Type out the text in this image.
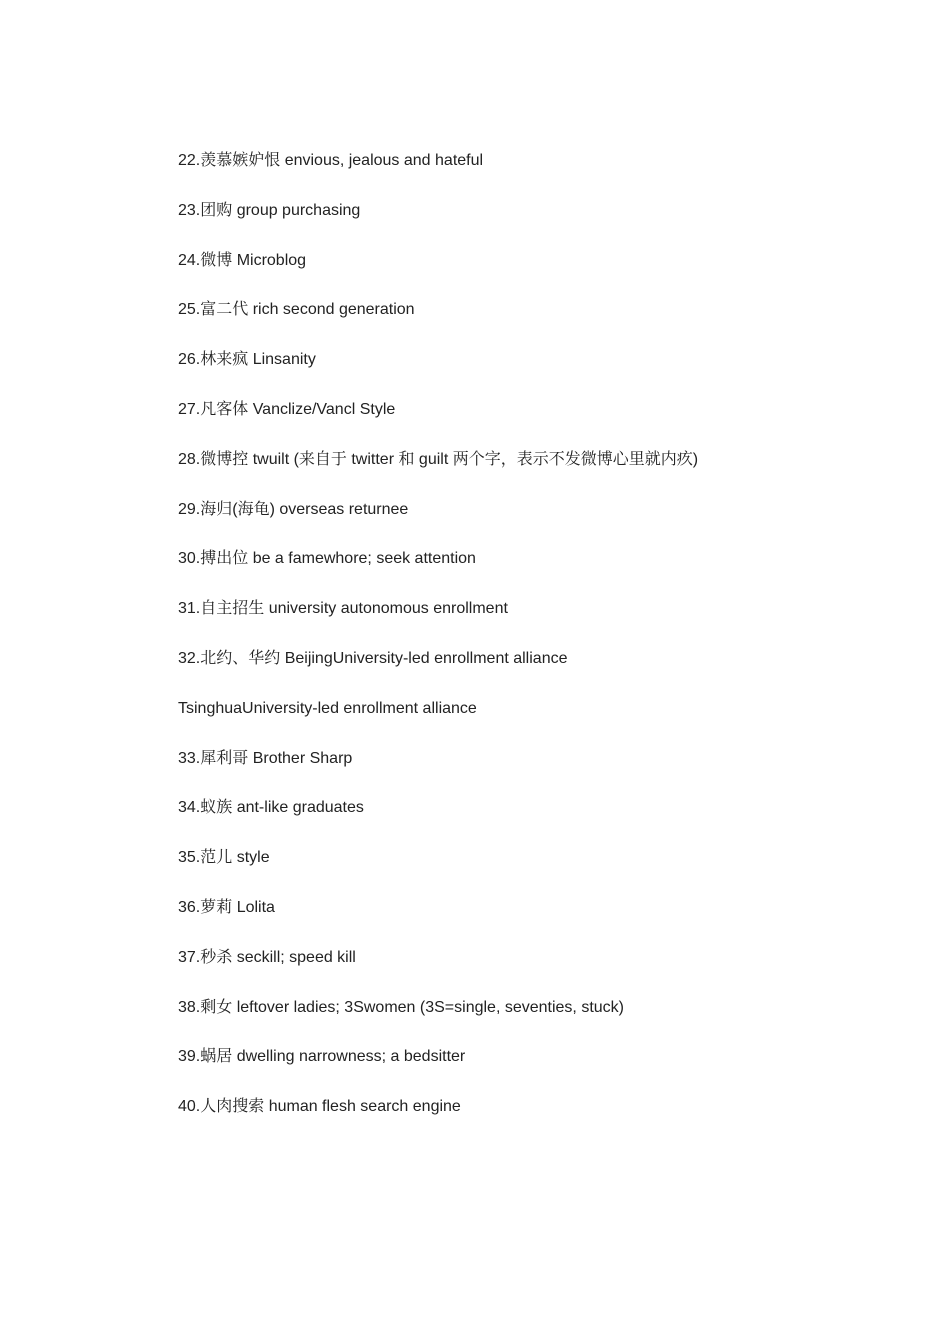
22.羡慕嫉妒恨 envious, jealous and hateful
23.团购 group purchasing
24.微博 Microblog
25.富二代 rich second generation
26.林来疯 Linsanity
27.凡客体 Vanclize/Vancl Style
28.微博控 twuilt (来自于 twitter 和 guilt 两个字，表示不发微博心里就内疚)
29.海归(海龟) overseas returnee
30.搏出位 be a famewhore; seek attention
31.自主招生 university autonomous enrollment
32.北约、华约 BeijingUniversity-led enrollment alliance
TsinghuaUniversity-led enrollment alliance
33.犀利哥 Brother Sharp
34.蚁族 ant-like graduates
35.范儿 style
36.萝莉 Lolita
37.秒杀 seckill; speed kill
38.剩女 leftover ladies; 3Swomen (3S=single, seventies, stuck)
39.蜗居 dwelling narrowness; a bedsitter
40.人肉搜索 human flesh search engine
